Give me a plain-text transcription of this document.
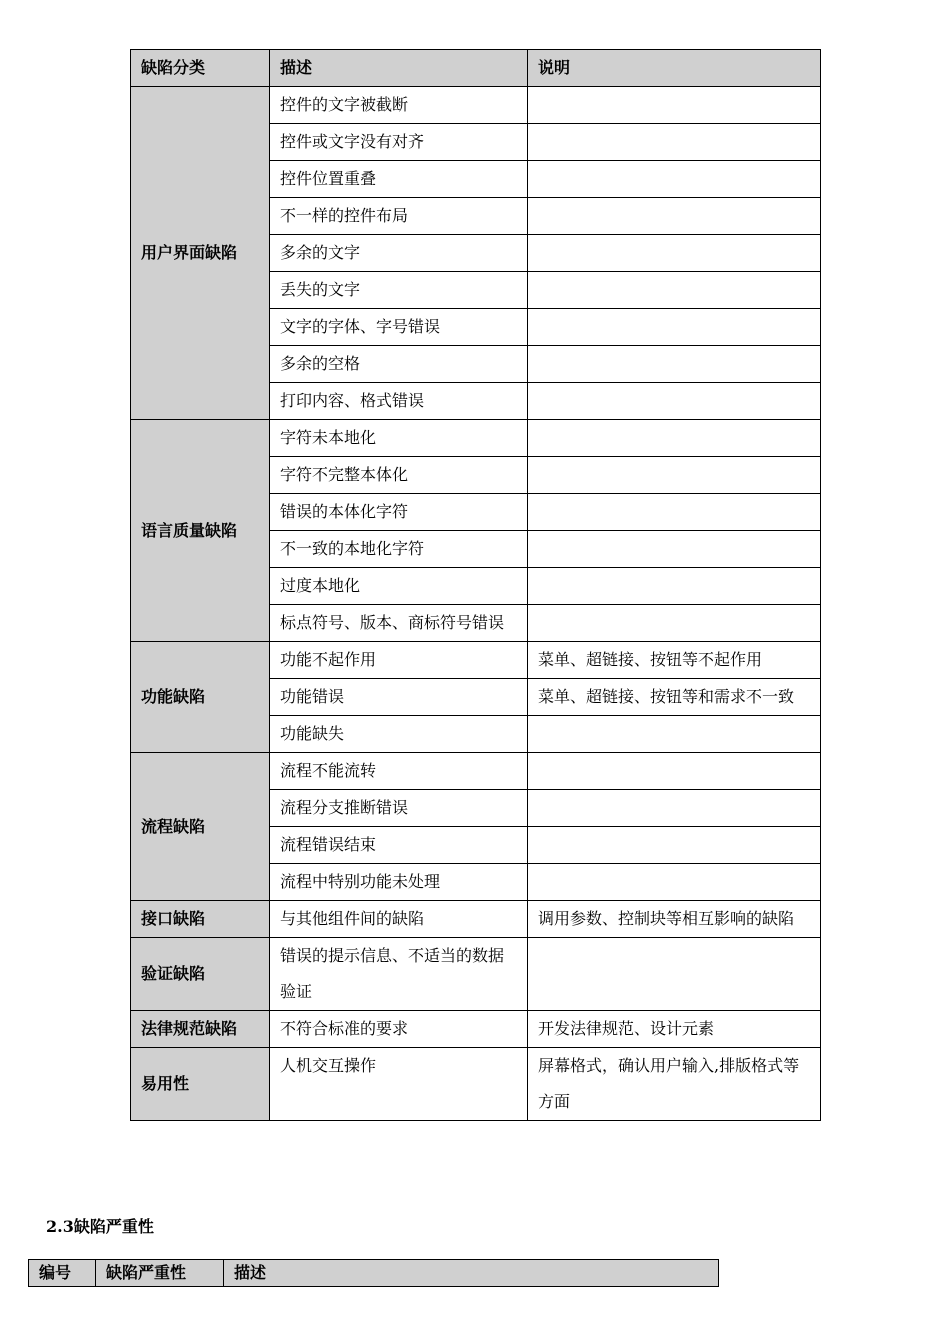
缺陷分类	描述	说明
用户界面缺陷	控件的文字被截断	
	控件或文字没有对齐	
	控件位置重叠	
	不一样的控件布局	
	多余的文字	
	丢失的文字	
	文字的字体、字号错误	
	多余的空格	
	打印内容、格式错误	
语言质量缺陷	字符未本地化	
	字符不完整本体化	
	错误的本体化字符	
	不一致的本地化字符	
	过度本地化	
	标点符号、版本、商标符号错误	
功能缺陷	功能不起作用	菜单、超链接、按钮等不起作用
	功能错误	菜单、超链接、按钮等和需求不一致
	功能缺失	
流程缺陷	流程不能流转	
	流程分支推断错误	
	流程错误结束	
	流程中特别功能未处理	
接口缺陷	与其他组件间的缺陷	调用参数、控制块等相互影响的缺陷
验证缺陷	错误的提示信息、不适当的数据验证	
法律规范缺陷	不符合标准的要求	开发法律规范、设计元素
易用性	人机交互操作	屏幕格式，确认用户输入,排版格式等方面
2.3缺陷严重性
编号	缺陷严重性	描述
